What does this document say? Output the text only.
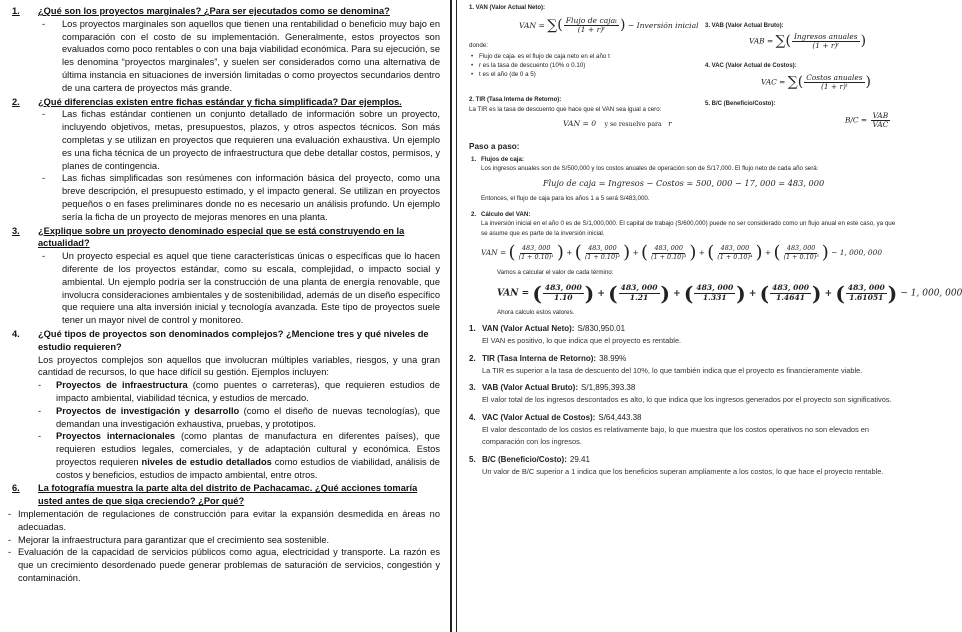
1.	¿Qué son los proyectos marginales? ¿Para ser ejecutados como se denomina?
-	Los proyectos marginales son aquellos que tienen una rentabilidad o beneficio muy bajo en comparación con el costo de su implementación. Generalmente, estos proyectos son evaluados como poco rentables o con una baja viabilidad económica. Para su ejecución, se les denomina “proyectos marginales”, y suelen ser considerados como una alternativa de última instancia en situaciones de inversión limitadas o como proyectos secundarios dentro de una cartera de proyectos más grande.
2.	¿Qué diferencias existen entre fichas estándar y ficha simplificada? Dar ejemplos.
-	Las fichas estándar contienen un conjunto detallado de información sobre un proyecto, incluyendo objetivos, metas, presupuestos, plazos, y otros aspectos técnicos. Son más completas y se utilizan en proyectos que requieren una evaluación exhaustiva. Un ejemplo es una ficha técnica de un proyecto de infraestructura que debe detallar costos, permisos, y planes de contingencia.
-	Las fichas simplificadas son resúmenes con información básica del proyecto, como una breve descripción, el presupuesto estimado, y el impacto general. Se utilizan en proyectos pequeños o en fases preliminares donde no es necesario un análisis profundo. Un ejemplo sería la ficha de un proyecto de mejoras menores en una planta.
3.	¿Explique sobre un proyecto denominado especial que se está construyendo en la actualidad?
-	Un proyecto especial es aquel que tiene características únicas o específicas que lo hacen diferente de los proyectos estándar, como su escala, complejidad, o impacto social y ambiental. Un ejemplo podría ser la construcción de una planta de energía renovable, que involucra consideraciones ambientales y de sostenibilidad, además de un diseño específico que requiere una alta inversión inicial y tecnología avanzada. Este tipo de proyectos suele tener un mayor nivel de control y monitoreo.
4.	¿Qué tipos de proyectos son denominados complejos? ¿Mencione tres y qué niveles de estudio requieren?
Los proyectos complejos son aquellos que involucran múltiples variables, riesgos, y una gran cantidad de recursos, lo que hace difícil su gestión. Ejemplos incluyen:
-	Proyectos de infraestructura (como puentes o carreteras), que requieren estudios de impacto ambiental, viabilidad técnica, y estudios de mercado.
-	Proyectos de investigación y desarrollo (como el diseño de nuevas tecnologías), que demandan una investigación exhaustiva, pruebas, y prototipos.
-	Proyectos internacionales (como plantas de manufactura en diferentes países), que requieren estudios legales, comerciales, y de adaptación cultural y económica. Estos proyectos requieren niveles de estudio detallados como estudios de viabilidad, análisis de costos y beneficios, estudios de impacto ambiental, entre otros.
6.	La fotografía muestra la parte alta del distrito de Pachacamac. ¿Qué acciones tomaría usted antes de que siga creciendo? ¿Por qué?
- Implementación de regulaciones de construcción para evitar la expansión desmedida en áreas no adecuadas.
- Mejorar la infraestructura para garantizar que el crecimiento sea sostenible.
- Evaluación de la capacidad de servicios públicos como agua, electricidad y transporte. La razón es que un crecimiento desordenado puede generar problemas de saturación de servicios, congestión y contaminación.
1. VAN (Valor Actual Neto):
VAN = ∑( $\frac{\text{Flujo de cajaₜ}}{\text{(1 + r)ᵗ}}$ ) − Inversión inicial
donde:
• Flujo de cajaₜ es el flujo de caja neto en el año t
• r es la tasa de descuento (10% o 0.10)
• t es el año (de 0 a 5)
2. TIR (Tasa Interna de Retorno):
La TIR es la tasa de descuento que hace que el VAN sea igual a cero:
VAN = 0 y se resuelve para r
3. VAB (Valor Actual Bruto):
VAB = ∑( $\frac{\text{Ingresos anuales}}{\text{(1 + r)ᵗ}}$ )
4. VAC (Valor Actual de Costos):
VAC = ∑( $\frac{\text{Costos anuales}}{\text{(1 + r)ᵗ}}$ )
5. B/C (Beneficio/Costo):
$B/C = \frac{\text{VAB}}{\text{VAC}}$
Paso a paso:
1. Flujos de caja:
Los ingresos anuales son de S/500,000 y los costos anuales de operación son de S/17,000. El flujo neto de cada año será:
Flujo de caja = Ingresos − Costos = 500, 000 − 17, 000 = 483, 000
Entonces, el flujo de caja para los años 1 a 5 será S/483,000.
2. Cálculo del VAN:
La inversión inicial en el año 0 es de S/1,000,000. El capital de trabajo (S/600,000) puede no ser considerado como un flujo anual en este caso, ya que se asume que es parte de la inversión inicial.
VAN = ( $\frac{483, 000}{\text{(1 + 0.10)¹}}$ ) + ( $\frac{483, 000}{\text{(1 + 0.10)²}}$ ) + ( $\frac{483, 000}{\text{(1 + 0.10)³}}$ ) + ( $\frac{483, 000}{\text{(1 + 0.10)⁴}}$ ) + ( $\frac{483, 000}{\text{(1 + 0.10)⁵}}$ ) − 1, 000, 000
Vamos a calcular el valor de cada término:
VAN = ( $\frac{483, 000}{1.10}$ ) + ( $\frac{483, 000}{1.21}$ ) + ( $\frac{483, 000}{1.331}$ ) + ( $\frac{483, 000}{1.4641}$ ) + ( $\frac{483, 000}{1.61051}$ ) − 1, 000, 000
Ahora calculo estos valores.
1. VAN (Valor Actual Neto): S/830,950.01
El VAN es positivo, lo que indica que el proyecto es rentable.
2. TIR (Tasa Interna de Retorno): 38.99%
La TIR es superior a la tasa de descuento del 10%, lo que también indica que el proyecto es financieramente viable.
3. VAB (Valor Actual Bruto): S/1,895,393.38
El valor total de los ingresos descontados es alto, lo que indica que los ingresos generados por el proyecto son significativos.
4. VAC (Valor Actual de Costos): S/64,443.38
El valor descontado de los costos es relativamente bajo, lo que muestra que los costos operativos no son elevados en comparación con los ingresos.
5. B/C (Beneficio/Costo): 29.41
Un valor de B/C superior a 1 indica que los beneficios superan ampliamente a los costos, lo que hace el proyecto rentable.
